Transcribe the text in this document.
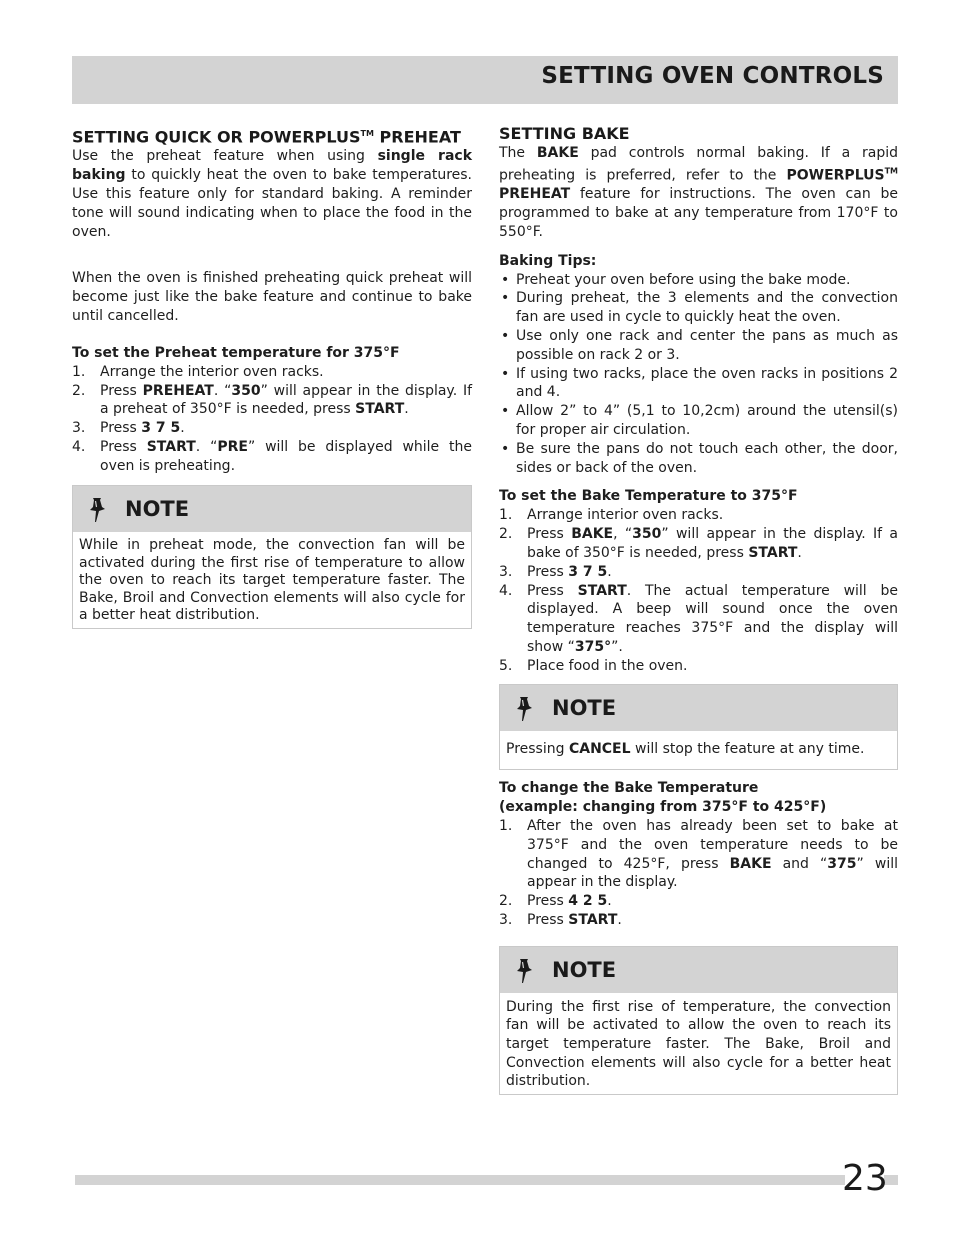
SETTING OVEN CONTROLS
SETTING QUICK OR POWERPLUS™ PREHEAT

Use the preheat feature when using single rack baking to quickly heat the oven to bake temperatures. Use this feature only for standard baking. A reminder tone will sound indicating when to place the food in the oven.

When the oven is finished preheating quick preheat will become just like the bake feature and continue to bake until cancelled.

To set the Preheat temperature for 375°F
1. Arrange the interior oven racks.
2. Press PREHEAT. “350” will appear in the display. If a preheat of 350°F is needed, press START.
3. Press 3 7 5.
4. Press START. “PRE” will be displayed while the oven is preheating.
NOTE
While in preheat mode, the convection fan will be activated during the first rise of temperature to allow the oven to reach its target temperature faster. The Bake, Broil and Convection elements will also cycle for a better heat distribution.
SETTING BAKE

The BAKE pad controls normal baking. If a rapid preheating is preferred, refer to the POWERPLUS™ PREHEAT feature for instructions. The oven can be programmed to bake at any temperature from 170°F to 550°F.

Baking Tips:
• Preheat your oven before using the bake mode.
• During preheat, the 3 elements and the convection fan are used in cycle to quickly heat the oven.
• Use only one rack and center the pans as much as possible on rack 2 or 3.
• If using two racks, place the oven racks in positions 2 and 4.
• Allow 2” to 4” (5,1 to 10,2cm) around the utensil(s) for proper air circulation.
• Be sure the pans do not touch each other, the door, sides or back of the oven.
To set the Bake Temperature to 375°F
1. Arrange interior oven racks.
2. Press BAKE, “350” will appear in the display. If a bake of 350°F is needed, press START.
3. Press 3 7 5.
4. Press START. The actual temperature will be displayed. A beep will sound once the oven temperature reaches 375°F and the display will show “375°”.
5. Place food in the oven.
NOTE
Pressing CANCEL will stop the feature at any time.
To change the Bake Temperature
(example: changing from 375°F to 425°F)
1. After the oven has already been set to bake at 375°F and the oven temperature needs to be changed to 425°F, press BAKE and “375” will appear in the display.
2. Press 4 2 5.
3. Press START.
NOTE
During the first rise of temperature, the convection fan will be activated to allow the oven to reach its target temperature faster. The Bake, Broil and Convection elements will also cycle for a better heat distribution.
23
